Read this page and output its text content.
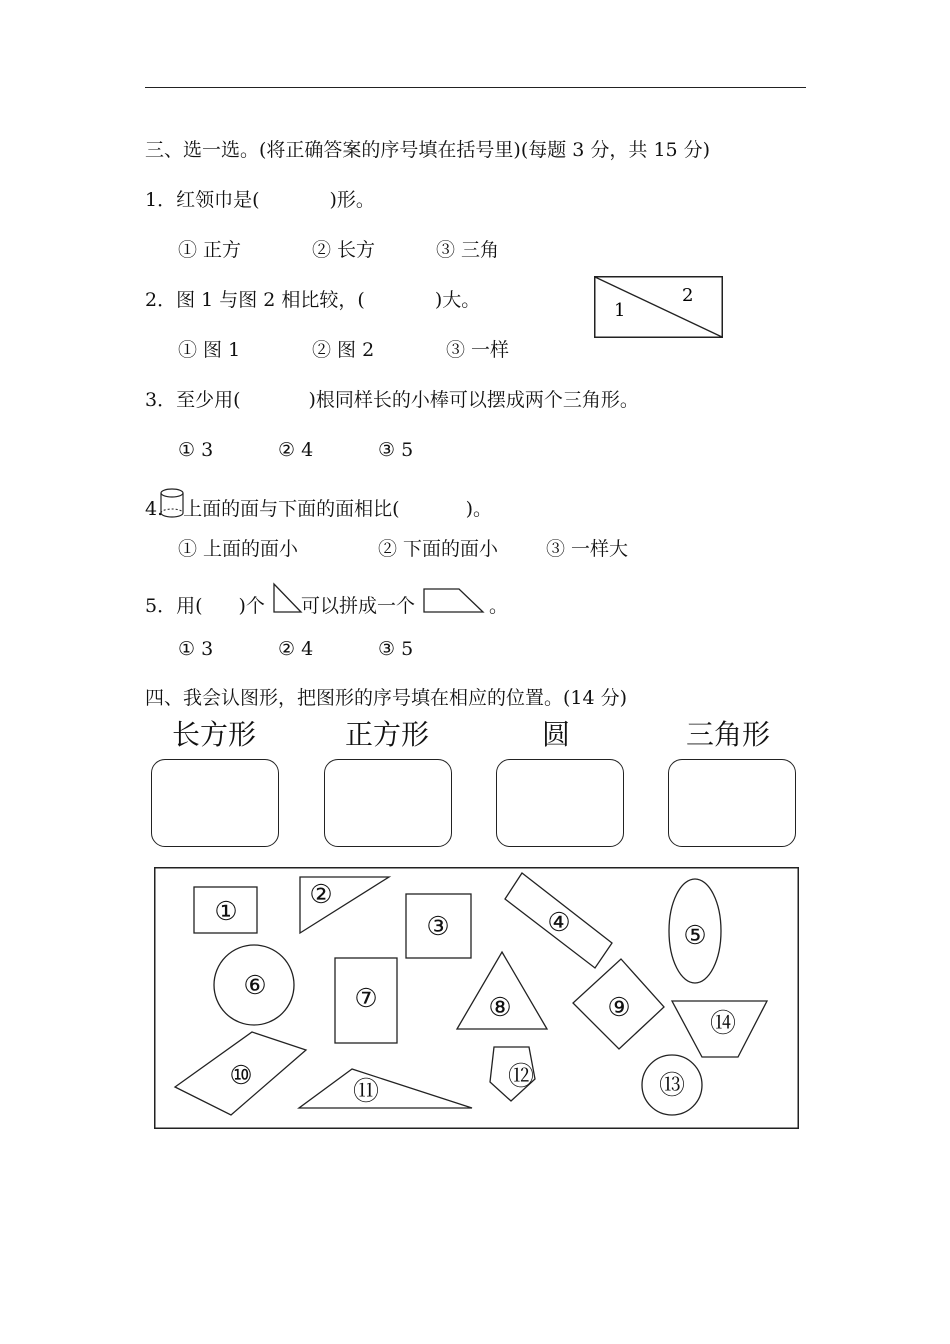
三、选一选。(将正确答案的序号填在括号里)(每题 3 分，共 15 分)
1．红领巾是(	)形。
① 正方	② 长方	③ 三角
2．图 1 与图 2 相比较，(	)大。	1
2
① 图 1	② 图 2	③ 一样
3．至少用(	)根同样长的小棒可以摆成两个三角形。
① 3	② 4	③ 5
4. 上面的面与下面的面相比(	)。
① 上面的面小	② 下面的面小	③ 一样大
5．用( )个 可以拼成一个	。
① 3	② 4	③ 5
四、我会认图形，把图形的序号填在相应的位置。(14 分)
长方形	正方形	圆	三角形
①
②
③	④	⑤
⑥	⑦	⑧	⑨
⑩
⑪	⑫	⑬
⑭
